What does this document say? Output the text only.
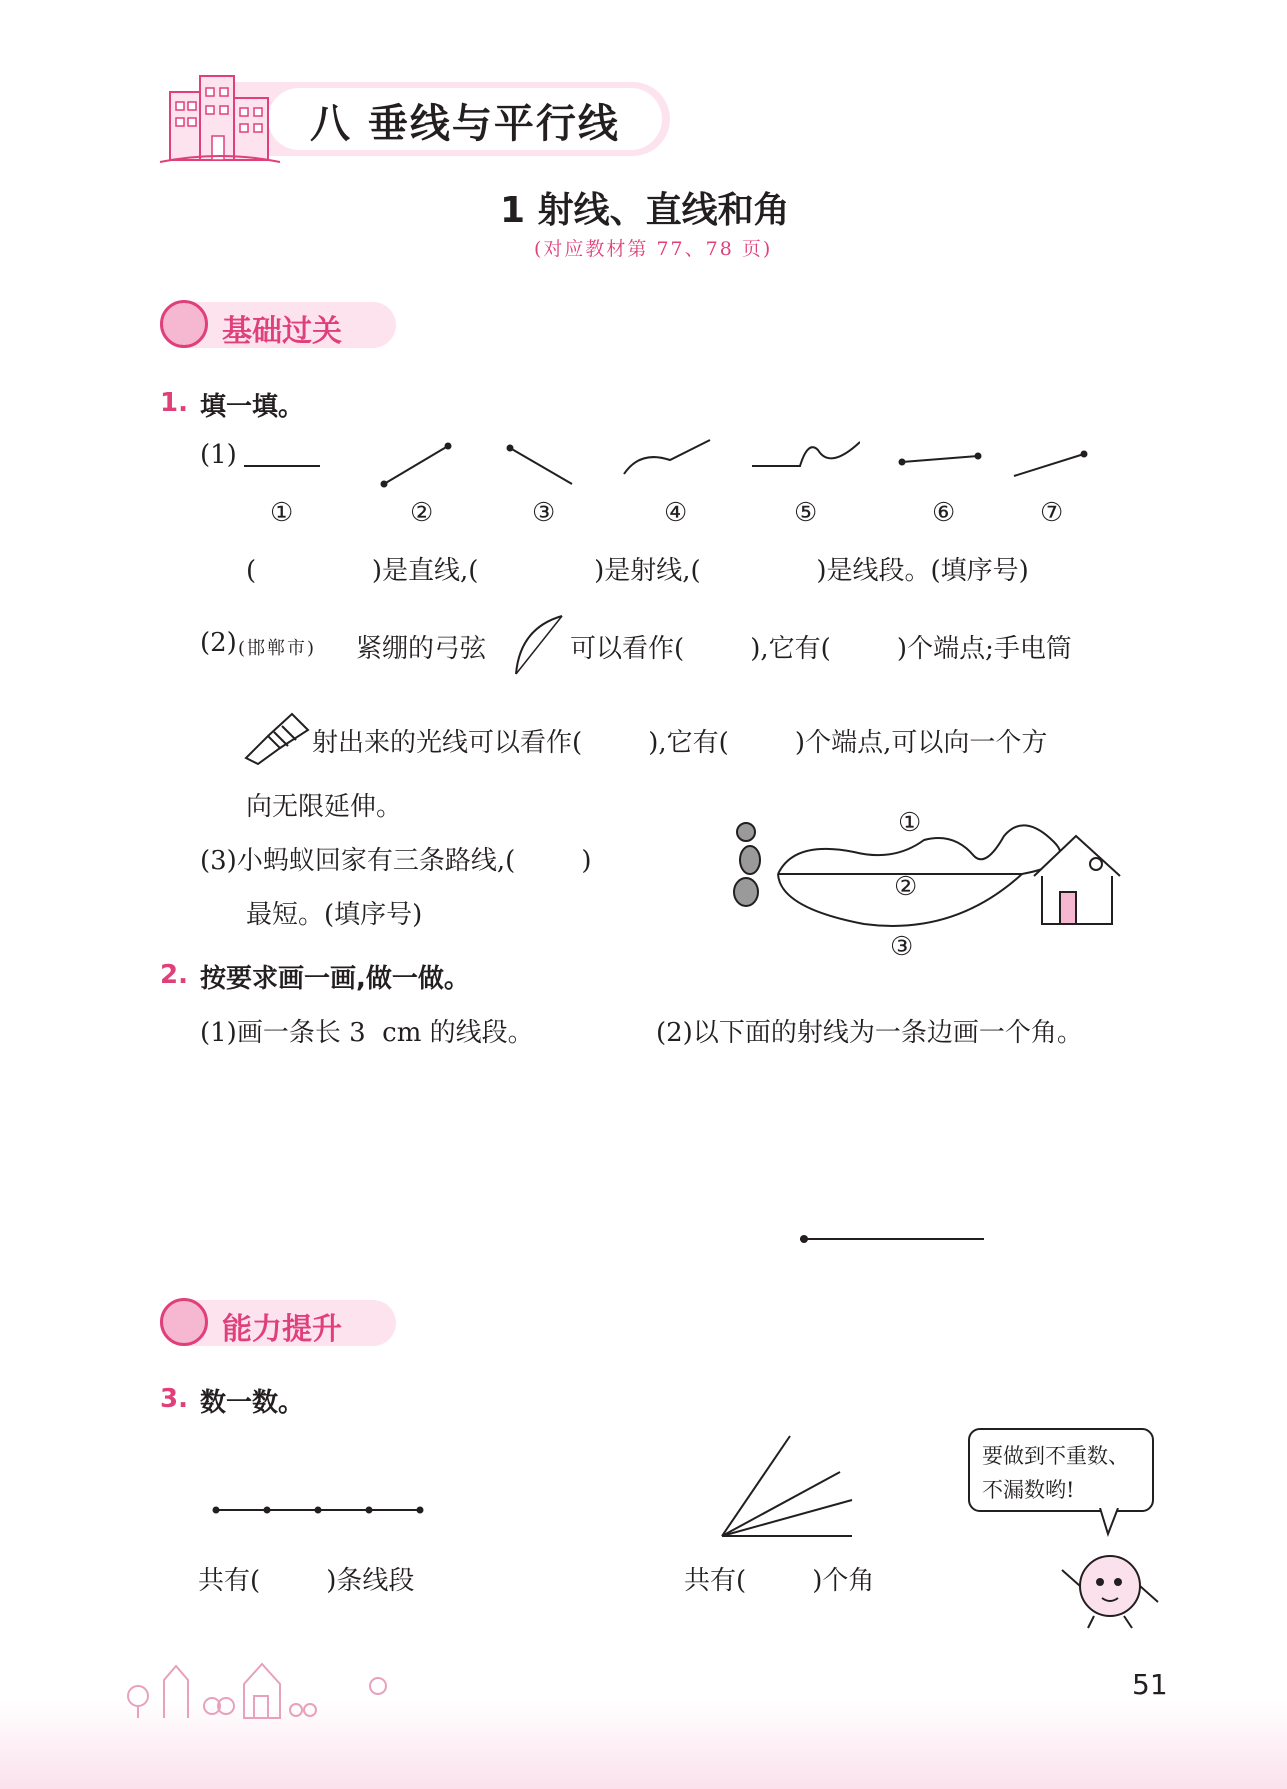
八 垂线与平行线
1 射线、直线和角
(对应教材第 77、78 页)
基础过关
1. 填一填。
(1)
①	②	③	④	⑤	⑥	⑦
(              )是直线,(              )是射线,(              )是线段。(填序号)
(2) (邯郸市) 紧绷的弓弦	可以看作(        ),它有(        )个端点;手电筒
射出来的光线可以看作(        ),它有(        )个端点,可以向一个方
向无限延伸。
(3)小蚂蚁回家有三条路线,(        )
最短。(填序号)
①
②
③
2. 按要求画一画,做一做。
(1)画一条长 3  cm 的线段。	(2)以下面的射线为一条边画一个角。
能力提升
3. 数一数。
共有(        )条线段	共有(        )个角
要做到不重数、
不漏数哟!
51
